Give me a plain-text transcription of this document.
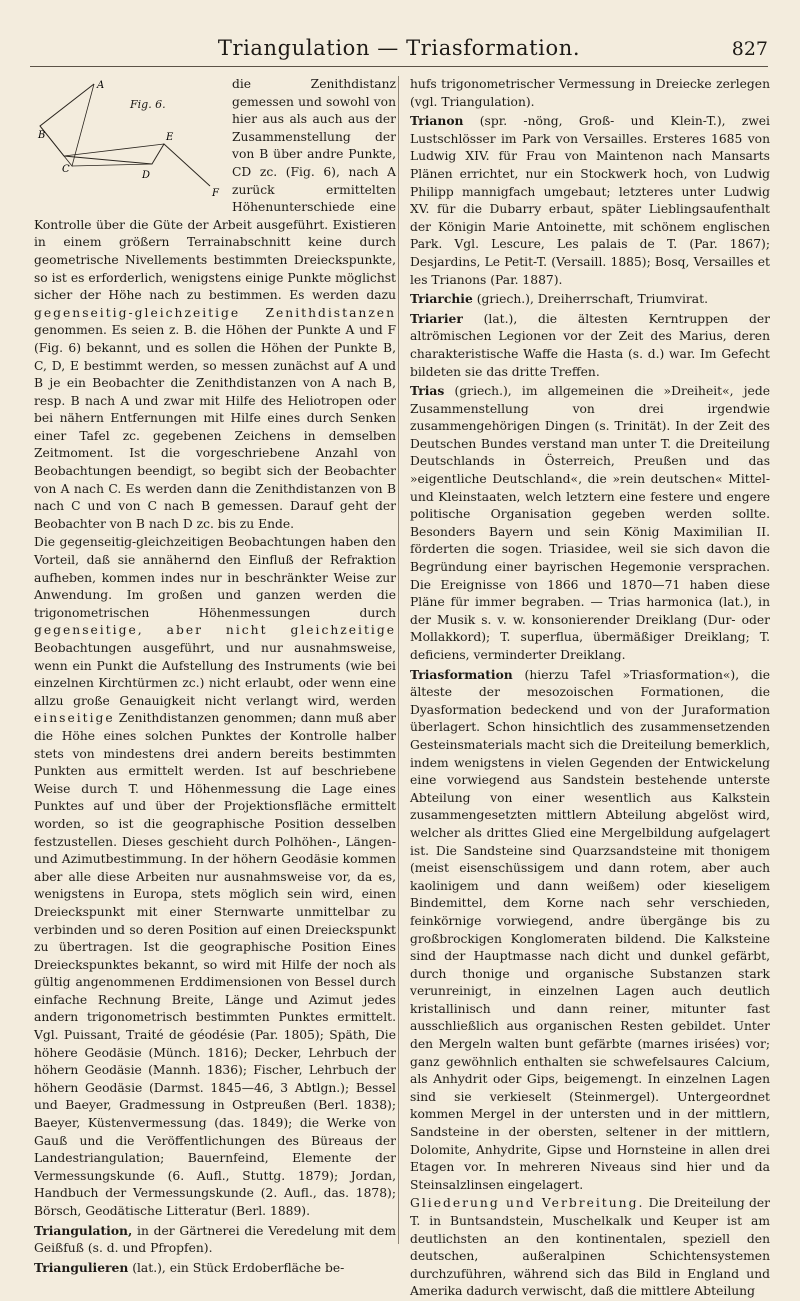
Triangulation — Triasformation.	827
A
B
C
D
E
F
Fig. 6.

die Zenithdistanz gemessen und sowohl von hier aus als auch aus der Zusammenstellung der von B über andre Punkte, CD zc. (Fig. 6), nach A zurück ermittelten Höhenunterschiede eine Kontrolle über die Güte der Arbeit ausgeführt. Existieren in einem größern Terrainabschnitt keine durch geometrische Nivellements bestimmten Dreieckspunkte, so ist es erforderlich, wenigstens einige Punkte möglichst sicher der Höhe nach zu bestimmen. Es werden dazu gegenseitig-gleichzeitige Zenithdistanzen genommen. Es seien z. B. die Höhen der Punkte A und F (Fig. 6) bekannt, und es sollen die Höhen der Punkte B, C, D, E bestimmt werden, so messen zunächst auf A und B je ein Beobachter die Zenithdistanzen von A nach B, resp. B nach A und zwar mit Hilfe des Heliotropen oder bei nähern Entfernungen mit Hilfe eines durch Senken einer Tafel zc. gegebenen Zeichens in demselben Zeitmoment. Ist die vorgeschriebene Anzahl von Beobachtungen beendigt, so begibt sich der Beobachter von A nach C. Es werden dann die Zenithdistanzen von B nach C und von C nach B gemessen. Darauf geht der Beobachter von B nach D zc. bis zu Ende.

Die gegenseitig-gleichzeitigen Beobachtungen haben den Vorteil, daß sie annähernd den Einfluß der Refraktion aufheben, kommen indes nur in beschränkter Weise zur Anwendung. Im großen und ganzen werden die trigonometrischen Höhenmessungen durch gegenseitige, aber nicht gleichzeitige Beobachtungen ausgeführt, und nur ausnahmsweise, wenn ein Punkt die Aufstellung des Instruments (wie bei einzelnen Kirchtürmen zc.) nicht erlaubt, oder wenn eine allzu große Genauigkeit nicht verlangt wird, werden einseitige Zenithdistanzen genommen; dann muß aber die Höhe eines solchen Punktes der Kontrolle halber stets von mindestens drei andern bereits bestimmten Punkten aus ermittelt werden. Ist auf beschriebene Weise durch T. und Höhenmessung die Lage eines Punktes auf und über der Projektionsfläche ermittelt worden, so ist die geographische Position desselben festzustellen. Dieses geschieht durch Polhöhen-, Längen- und Azimutbestimmung. In der höhern Geodäsie kommen aber alle diese Arbeiten nur ausnahmsweise vor, da es, wenigstens in Europa, stets möglich sein wird, einen Dreieckspunkt mit einer Sternwarte unmittelbar zu verbinden und so deren Position auf einen Dreieckspunkt zu übertragen. Ist die geographische Position Eines Dreieckspunktes bekannt, so wird mit Hilfe der noch als gültig angenommenen Erddimensionen von Bessel durch einfache Rechnung Breite, Länge und Azimut jedes andern trigonometrisch bestimmten Punktes ermittelt. Vgl. Puissant, Traité de géodésie (Par. 1805); Späth, Die höhere Geodäsie (Münch. 1816); Decker, Lehrbuch der höhern Geodäsie (Mannh. 1836); Fischer, Lehrbuch der höhern Geodäsie (Darmst. 1845—46, 3 Abtlgn.); Bessel und Baeyer, Gradmessung in Ostpreußen (Berl. 1838); Baeyer, Küstenvermessung (das. 1849); die Werke von Gauß und die Veröffentlichungen des Büreaus der Landestriangulation; Bauernfeind, Elemente der Vermessungskunde (6. Aufl., Stuttg. 1879); Jordan, Handbuch der Vermessungskunde (2. Aufl., das. 1878); Börsch, Geodätische Litteratur (Berl. 1889).

Triangulation, in der Gärtnerei die Veredelung mit dem Geißfuß (s. d. und Pfropfen).

Triangulieren (lat.), ein Stück Erdoberfläche be-

hufs trigonometrischer Vermessung in Dreiecke zerlegen (vgl. Triangulation).

Trianon (spr. -nöng, Groß- und Klein-T.), zwei Lustschlösser im Park von Versailles. Ersteres 1685 von Ludwig XIV. für Frau von Maintenon nach Mansarts Plänen errichtet, nur ein Stockwerk hoch, von Ludwig Philipp mannigfach umgebaut; letzteres unter Ludwig XV. für die Dubarry erbaut, später Lieblingsaufenthalt der Königin Marie Antoinette, mit schönem englischen Park. Vgl. Lescure, Les palais de T. (Par. 1867); Desjardins, Le Petit-T. (Versaill. 1885); Bosq, Versailles et les Trianons (Par. 1887).

Triarchie (griech.), Dreiherrschaft, Triumvirat.

Triarier (lat.), die ältesten Kerntruppen der altrömischen Legionen vor der Zeit des Marius, deren charakteristische Waffe die Hasta (s. d.) war. Im Gefecht bildeten sie das dritte Treffen.

Trias (griech.), im allgemeinen die »Dreiheit«, jede Zusammenstellung von drei irgendwie zusammengehörigen Dingen (s. Trinität). In der Zeit des Deutschen Bundes verstand man unter T. die Dreiteilung Deutschlands in Österreich, Preußen und das »eigentliche Deutschland«, die »rein deutschen« Mittel- und Kleinstaaten, welch letztern eine festere und engere politische Organisation gegeben werden sollte. Besonders Bayern und sein König Maximilian II. förderten die sogen. Triasidee, weil sie sich davon die Begründung einer bayrischen Hegemonie versprachen. Die Ereignisse von 1866 und 1870—71 haben diese Pläne für immer begraben. — Trias harmonica (lat.), in der Musik s. v. w. konsonierender Dreiklang (Dur- oder Mollakkord); T. superflua, übermäßiger Dreiklang; T. deficiens, verminderter Dreiklang.

Triasformation (hierzu Tafel »Triasformation«), die älteste der mesozoischen Formationen, die Dyasformation bedeckend und von der Juraformation überlagert. Schon hinsichtlich des zusammensetzenden Gesteinsmaterials macht sich die Dreiteilung bemerklich, indem wenigstens in vielen Gegenden der Entwickelung eine vorwiegend aus Sandstein bestehende unterste Abteilung von einer wesentlich aus Kalkstein zusammengesetzten mittlern Abteilung abgelöst wird, welcher als drittes Glied eine Mergelbildung aufgelagert ist. Die Sandsteine sind Quarzsandsteine mit thonigem (meist eisenschüssigem und dann rotem, aber auch kaolinigem und dann weißem) oder kieseligem Bindemittel, dem Korne nach sehr verschieden, feinkörnige vorwiegend, andre übergänge bis zu großbrockigen Konglomeraten bildend. Die Kalksteine sind der Hauptmasse nach dicht und dunkel gefärbt, durch thonige und organische Substanzen stark verunreinigt, in einzelnen Lagen auch deutlich kristallinisch und dann reiner, mitunter fast ausschließlich aus organischen Resten gebildet. Unter den Mergeln walten bunt gefärbte (marnes irisées) vor; ganz gewöhnlich enthalten sie schwefelsaures Calcium, als Anhydrit oder Gips, beigemengt. In einzelnen Lagen sind sie verkieselt (Steinmergel). Untergeordnet kommen Mergel in der untersten und in der mittlern, Sandsteine in der obersten, seltener in der mittlern, Dolomite, Anhydrite, Gipse und Hornsteine in allen drei Etagen vor. In mehreren Niveaus sind hier und da Steinsalzlinsen eingelagert.

Gliederung und Verbreitung. Die Dreiteilung der T. in Buntsandstein, Muschelkalk und Keuper ist am deutlichsten an den kontinentalen, speziell den deutschen, außeralpinen Schichtensystemen durchzuführen, während sich das Bild in England und Amerika dadurch verwischt, daß die mittlere Abteilung
